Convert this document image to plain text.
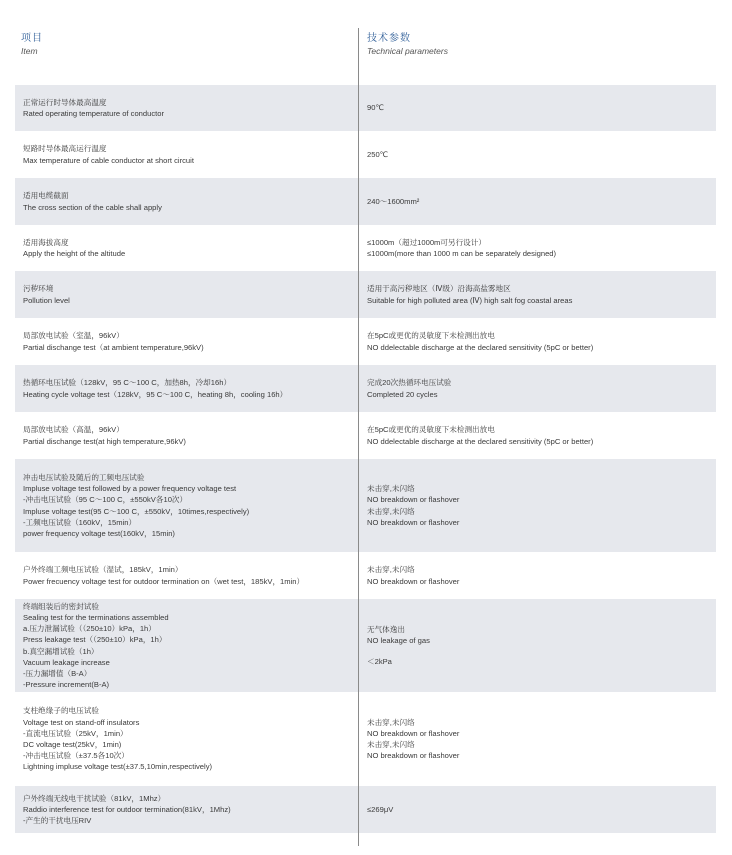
项目
Item
技术参数
Technical parameters
正常运行时导体最高温度
Rated operating temperature of conductor
90℃
短路时导体最高运行温度
Max temperature of cable conductor at short circuit
250℃
适用电缆截面
The cross section of the cable shall apply
240～1600mm²
适用海拔高度
Apply the height of the altitude
≤1000m（超过1000m可另行设计）
≤1000m(more than 1000 m can be separately designed)
污秽环境
Pollution level
适用于高污秽地区（Ⅳ级）沿海高盐雾地区
Suitable for high polluted area (Ⅳ) high salt fog coastal areas
局部放电试验（室温，96kV）
Partial dischange test（at ambient temperature,96kV)
在5pC或更优的灵敏度下未检测出放电
NO ddelectable discharge at the declared sensitivity (5pC or better)
热循环电压试验（128kV，95 C～100 C，加热8h，冷却16h）
Heating cycle voltage test（128kV，95 C～100 C，heating 8h，cooling 16h）
完成20次热循环电压试验
Completed 20 cycles
局部放电试验（高温，96kV）
Partial dischange test(at high temperature,96kV)
在5pC或更优的灵敏度下未检测出放电
NO ddelectable discharge at the declared sensitivity (5pC or better)
冲击电压试验及随后的工频电压试验
Impluse voltage test followed by a power frequency voltage test
-冲击电压试验（95 C～100 C，±550kV各10次）
Impluse voltage test(95 C～100 C，±550kV，10times,respectively)
-工频电压试验（160kV，15min）
power frequency voltage test(160kV，15min)
未击穿,未闪络
NO breakdown or flashover
未击穿,未闪络
NO breakdown or flashover
户外终端工频电压试验（湿试，185kV，1min）
Power frecuency voltage test for outdoor termination on（wet test，185kV，1min）
未击穿,未闪络
NO breakdown or flashover
终端组装后的密封试验
Sealing test for the terminations assembled
a.压力泄漏试验（（250±10）kPa，1h）
Press leakage test（（250±10）kPa，1h）
b.真空漏增试验（1h）
Vacuum leakage increase
-压力漏增值（B-A）
-Pressure increment(B-A)
无气体逸出
NO leakage of gas
＜2kPa
支柱绝缘子的电压试验
Voltage test on stand-off insulators
-直流电压试验（25kV，1min）
DC voltage test(25kV，1min)
-冲击电压试验（±37.5各10次）
Lightning impluse voltage test(±37.5,10min,respectively)
未击穿,未闪络
NO breakdown or flashover
未击穿,未闪络
NO breakdown or flashover
户外终端无线电干扰试验（81kV，1Mhz）
Raddio interference test for outdoor termination(81kV，1Mhz)
-产生的干扰电压RIV
≤269μV
